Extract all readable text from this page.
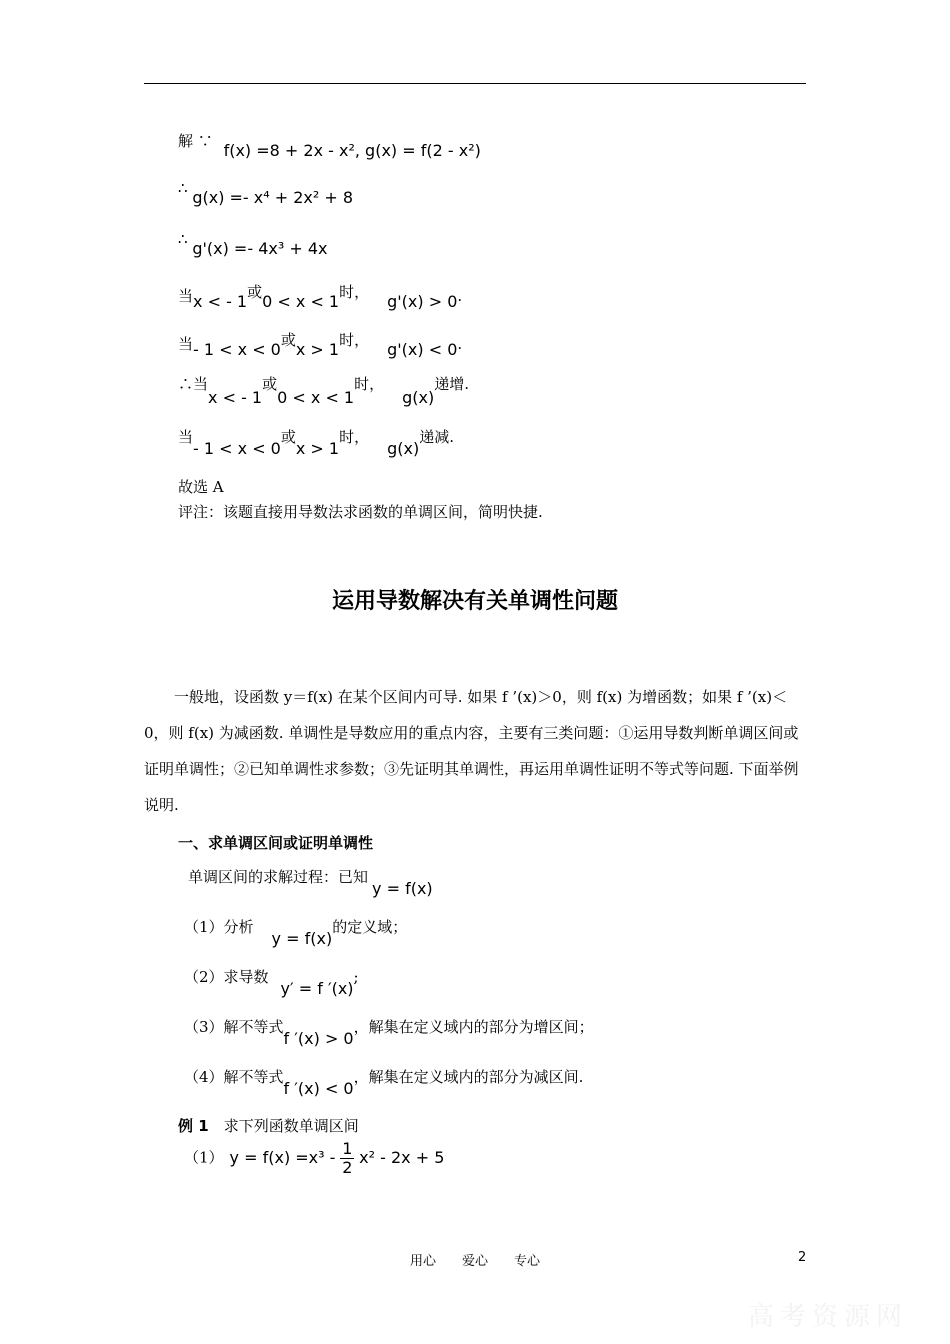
解 ∵ f(x) =8 + 2x - x², g(x) = f(2 - x²)
∴ g(x) =- x⁴ + 2x² + 8
∴ g'(x) =- 4x³ + 4x
当x < - 1或0 < x < 1时， g'(x) > 0.
当- 1 < x < 0或x > 1时， g'(x) < 0.
∴当x < - 1或0 < x < 1时，g(x)递增.
当- 1 < x < 0或x > 1时，g(x)递减.
故选 A
评注：该题直接用导数法求函数的单调区间，简明快捷.
运用导数解决有关单调性问题
一般地，设函数 y＝f(x) 在某个区间内可导. 如果 f ’(x)＞0，则 f(x) 为增函数；如果 f ’(x)＜0，则 f(x) 为减函数. 单调性是导数应用的重点内容，主要有三类问题：①运用导数判断单调区间或证明单调性；②已知单调性求参数；③先证明其单调性，再运用单调性证明不等式等问题. 下面举例说明.
一、求单调区间或证明单调性
单调区间的求解过程：已知y = f(x)
（1）分析y = f(x)的定义域；
（2）求导数y′ = f ′(x);
（3）解不等式f ′(x) > 0，解集在定义域内的部分为增区间；
（4）解不等式f ′(x) < 0，解集在定义域内的部分为减区间.
例 1　 求下列函数单调区间
（1） $y = f(x) =x^3 - \frac{1}{2} x^2 - 2x + 5$
用心　　爱心　　专心	2
高考资源网
